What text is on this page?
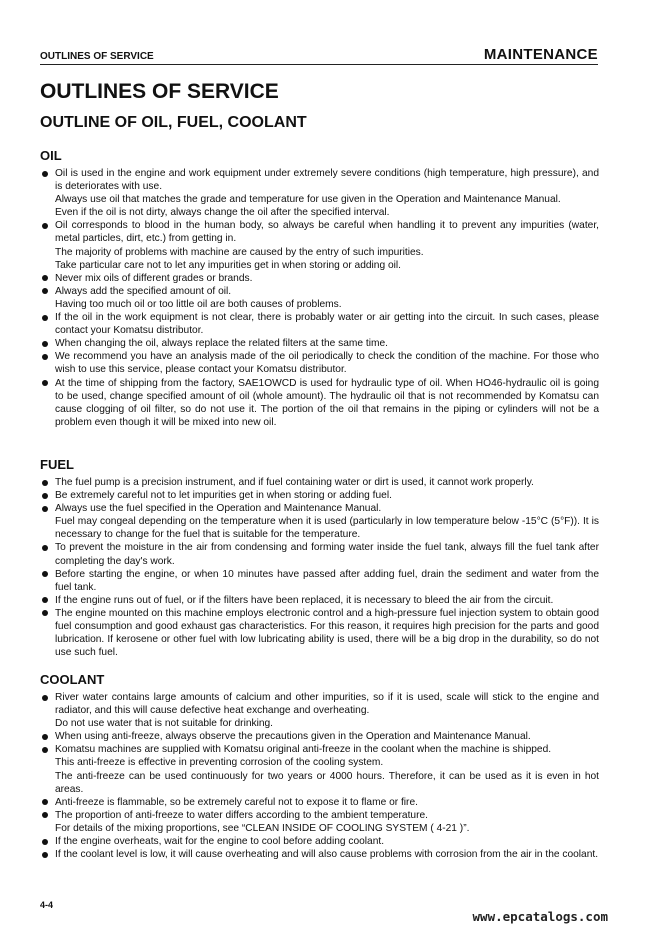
OUTLINES OF SERVICE	MAINTENANCE
OUTLINES OF SERVICE
OUTLINE OF OIL, FUEL, COOLANT
OIL
Oil is used in the engine and work equipment under extremely severe conditions (high temperature, high pressure), and is deteriorates with use.
Always use oil that matches the grade and temperature for use given in the Operation and Maintenance Manual.
Even if the oil is not dirty, always change the oil after the specified interval.
Oil corresponds to blood in the human body, so always be careful when handling it to prevent any impurities (water, metal particles, dirt, etc.) from getting in.
The majority of problems with machine are caused by the entry of such impurities.
Take particular care not to let any impurities get in when storing or adding oil.
Never mix oils of different grades or brands.
Always add the specified amount of oil.
Having too much oil or too little oil are both causes of problems.
If the oil in the work equipment is not clear, there is probably water or air getting into the circuit. In such cases, please contact your Komatsu distributor.
When changing the oil, always replace the related filters at the same time.
We recommend you have an analysis made of the oil periodically to check the condition of the machine. For those who wish to use this service, please contact your Komatsu distributor.
At the time of shipping from the factory, SAE1OWCD is used for hydraulic type of oil. When HO46-hydraulic oil is going to be used, change specified amount of oil (whole amount). The hydraulic oil that is not recommended by Komatsu can cause clogging of oil filter, so do not use it. The portion of the oil that remains in the piping or cylinders will not be a problem even though it will be mixed into new oil.
FUEL
The fuel pump is a precision instrument, and if fuel containing water or dirt is used, it cannot work properly.
Be extremely careful not to let impurities get in when storing or adding fuel.
Always use the fuel specified in the Operation and Maintenance Manual.
Fuel may congeal depending on the temperature when it is used (particularly in low temperature below -15°C (5°F)). It is necessary to change for the fuel that is suitable for the temperature.
To prevent the moisture in the air from condensing and forming water inside the fuel tank, always fill the fuel tank after completing the day's work.
Before starting the engine, or when 10 minutes have passed after adding fuel, drain the sediment and water from the fuel tank.
If the engine runs out of fuel, or if the filters have been replaced, it is necessary to bleed the air from the circuit.
The engine mounted on this machine employs electronic control and a high-pressure fuel injection system to obtain good fuel consumption and good exhaust gas characteristics. For this reason, it requires high precision for the parts and good lubrication. If kerosene or other fuel with low lubricating ability is used, there will be a big drop in the durability, so do not use such fuel.
COOLANT
River water contains large amounts of calcium and other impurities, so if it is used, scale will stick to the engine and radiator, and this will cause defective heat exchange and overheating.
Do not use water that is not suitable for drinking.
When using anti-freeze, always observe the precautions given in the Operation and Maintenance Manual.
Komatsu machines are supplied with Komatsu original anti-freeze in the coolant when the machine is shipped.
This anti-freeze is effective in preventing corrosion of the cooling system.
The anti-freeze can be used continuously for two years or 4000 hours. Therefore, it can be used as it is even in hot areas.
Anti-freeze is flammable, so be extremely careful not to expose it to flame or fire.
The proportion of anti-freeze to water differs according to the ambient temperature.
For details of the mixing proportions, see “CLEAN INSIDE OF COOLING SYSTEM ( 4-21 )”.
If the engine overheats, wait for the engine to cool before adding coolant.
If the coolant level is low, it will cause overheating and will also cause problems with corrosion from the air in the coolant.
4-4
www.epcatalogs.com
